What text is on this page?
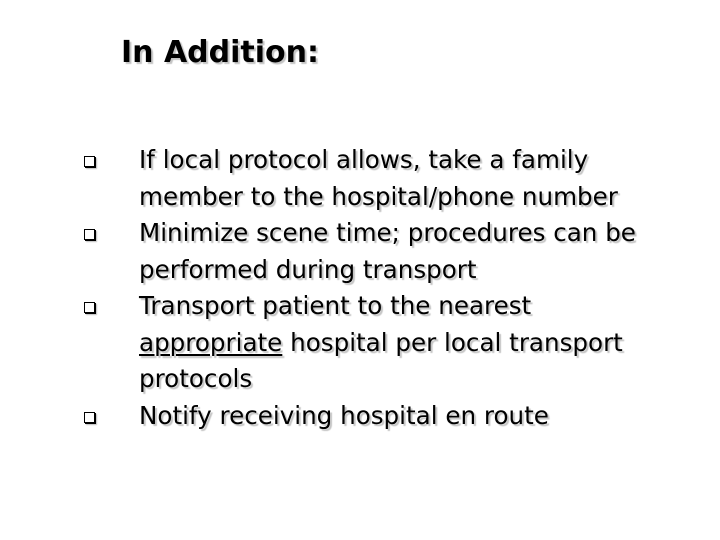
In Addition:
If local protocol allows, take a family
member to the hospital/phone number
Minimize scene time; procedures can be
performed during transport
Transport patient to the nearest
appropriate hospital per local transport
protocols
Notify receiving hospital en route
